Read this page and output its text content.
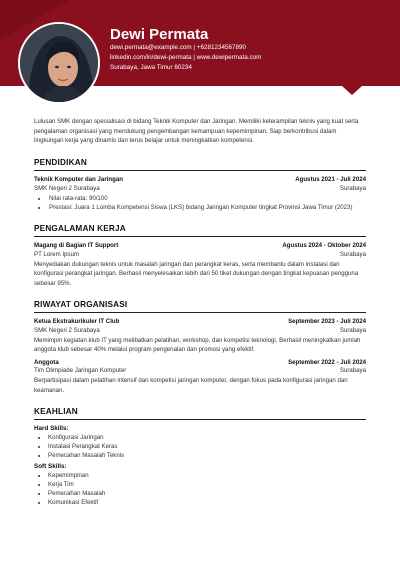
Dewi Permata
dewi.permata@example.com | +6281234567890
linkedin.com/in/dewi-permata | www.dewipermata.com
Surabaya, Jawa Timur 60234

Lulusan SMK dengan spesialisasi di bidang Teknik Komputer dan Jaringan. Memiliki keterampilan teknis yang kuat serta pengalaman organisasi yang mendukung pengembangan kemampuan kepemimpinan. Siap berkontribusi dalam lingkungan kerja yang dinamis dan terus belajar untuk meningkatkan kompetensi.

PENDIDIKAN
Teknik Komputer dan Jaringan	Agustus 2021 - Juli 2024
SMK Negeri 2 Surabaya	Surabaya
• Nilai rata-rata: 90/100
• Prestasi: Juara 1 Lomba Kompetensi Siswa (LKS) bidang Jaringan Komputer tingkat Provinsi Jawa Timur (2023)
PENGALAMAN KERJA
Magang di Bagian IT Support	Agustus 2024 - Oktober 2024
PT Lorem Ipsum	Surabaya

Menyediakan dukungan teknis untuk masalah jaringan dan perangkat keras, serta membantu dalam instalasi dan konfigurasi perangkat jaringan. Berhasil menyelesaikan lebih dari 50 tiket dukungan dengan tingkat kepuasan pengguna sebesar 95%.

RIWAYAT ORGANISASI
Ketua Ekstrakurikuler IT Club	September 2023 - Juli 2024
SMK Negeri 2 Surabaya	Surabaya

Memimpin kegiatan klub IT yang melibatkan pelatihan, workshop, dan kompetisi teknologi. Berhasil meningkatkan jumlah anggota klub sebesar 40% melalui program pengenalan dan promosi yang efektif.

Anggota	September 2022 - Juli 2024
Tim Olimpiade Jaringan Komputer	Surabaya

Berpartisipasi dalam pelatihan intensif dan kompetisi jaringan komputer, dengan fokus pada konfigurasi jaringan dan keamanan.

KEAHLIAN
Hard Skills:
• Konfigurasi Jaringan
• Instalasi Perangkat Keras
• Pemecahan Masalah Teknis
Soft Skills:
• Kepemimpinan
• Kerja Tim
• Pemecahan Masalah
• Komunikasi Efektif
